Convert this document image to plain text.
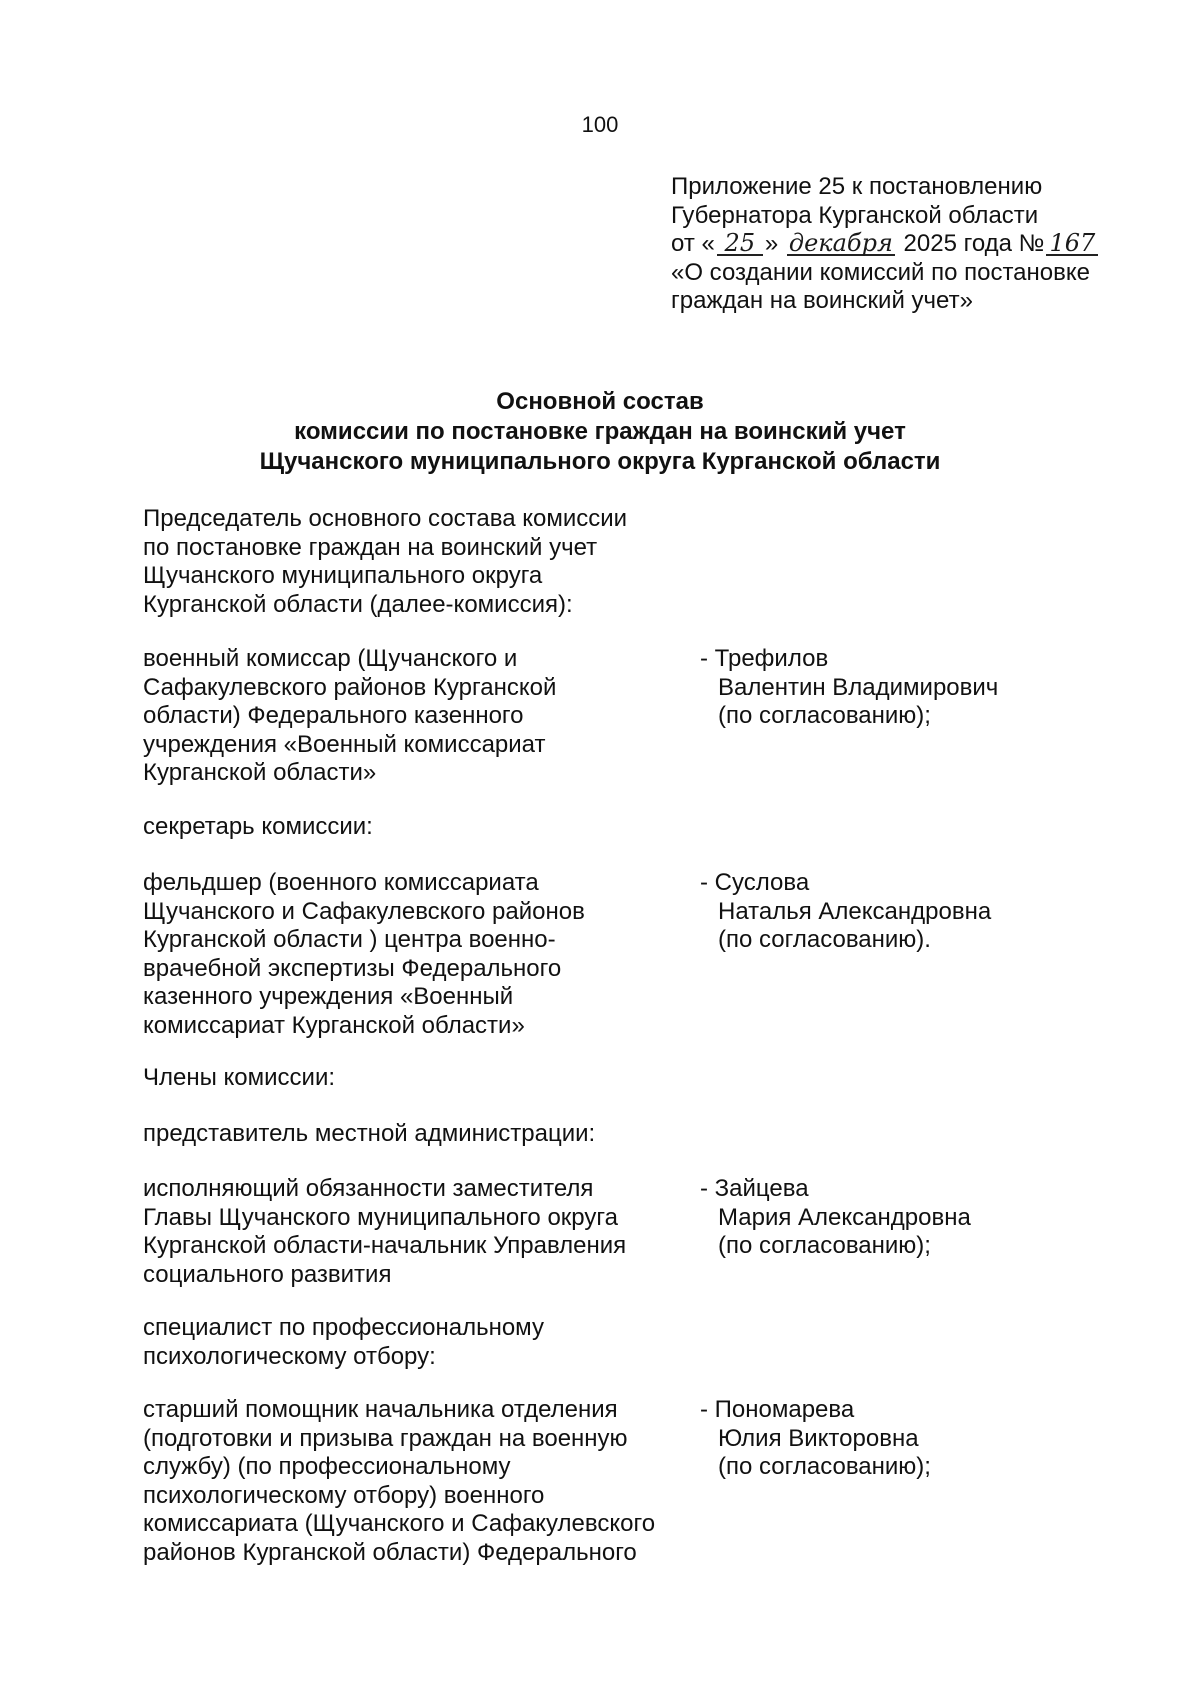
100
Приложение 25 к постановлению
Губернатора Курганской области
от « 25 » декабря 2025 года № 167
«О создании комиссий по постановке
граждан на воинский учет»
Основной состав
комиссии по постановке граждан на воинский учет
Щучанского муниципального округа Курганской области
Председатель основного состава комиссии
по постановке граждан на воинский учет
Щучанского муниципального округа
Курганской области (далее-комиссия):
военный комиссар (Щучанского и
Сафакулевского районов Курганской
области) Федерального казенного
учреждения «Военный комиссариат
Курганской области»
- Трефилов
Валентин Владимирович
(по согласованию);
секретарь комиссии:
фельдшер (военного комиссариата
Щучанского и Сафакулевского районов
Курганской области ) центра военно-
врачебной экспертизы Федерального
казенного учреждения «Военный
комиссариат Курганской области»
- Суслова
Наталья Александровна
(по согласованию).
Члены комиссии:
представитель местной администрации:
исполняющий обязанности заместителя
Главы Щучанского муниципального округа
Курганской области-начальник Управления
социального развития
- Зайцева
Мария Александровна
(по согласованию);
специалист по профессиональному
психологическому отбору:
старший помощник начальника отделения
(подготовки и призыва граждан на военную
службу) (по профессиональному
психологическому отбору) военного
комиссариата (Щучанского и Сафакулевского
районов Курганской области) Федерального
- Пономарева
Юлия Викторовна
(по согласованию);
